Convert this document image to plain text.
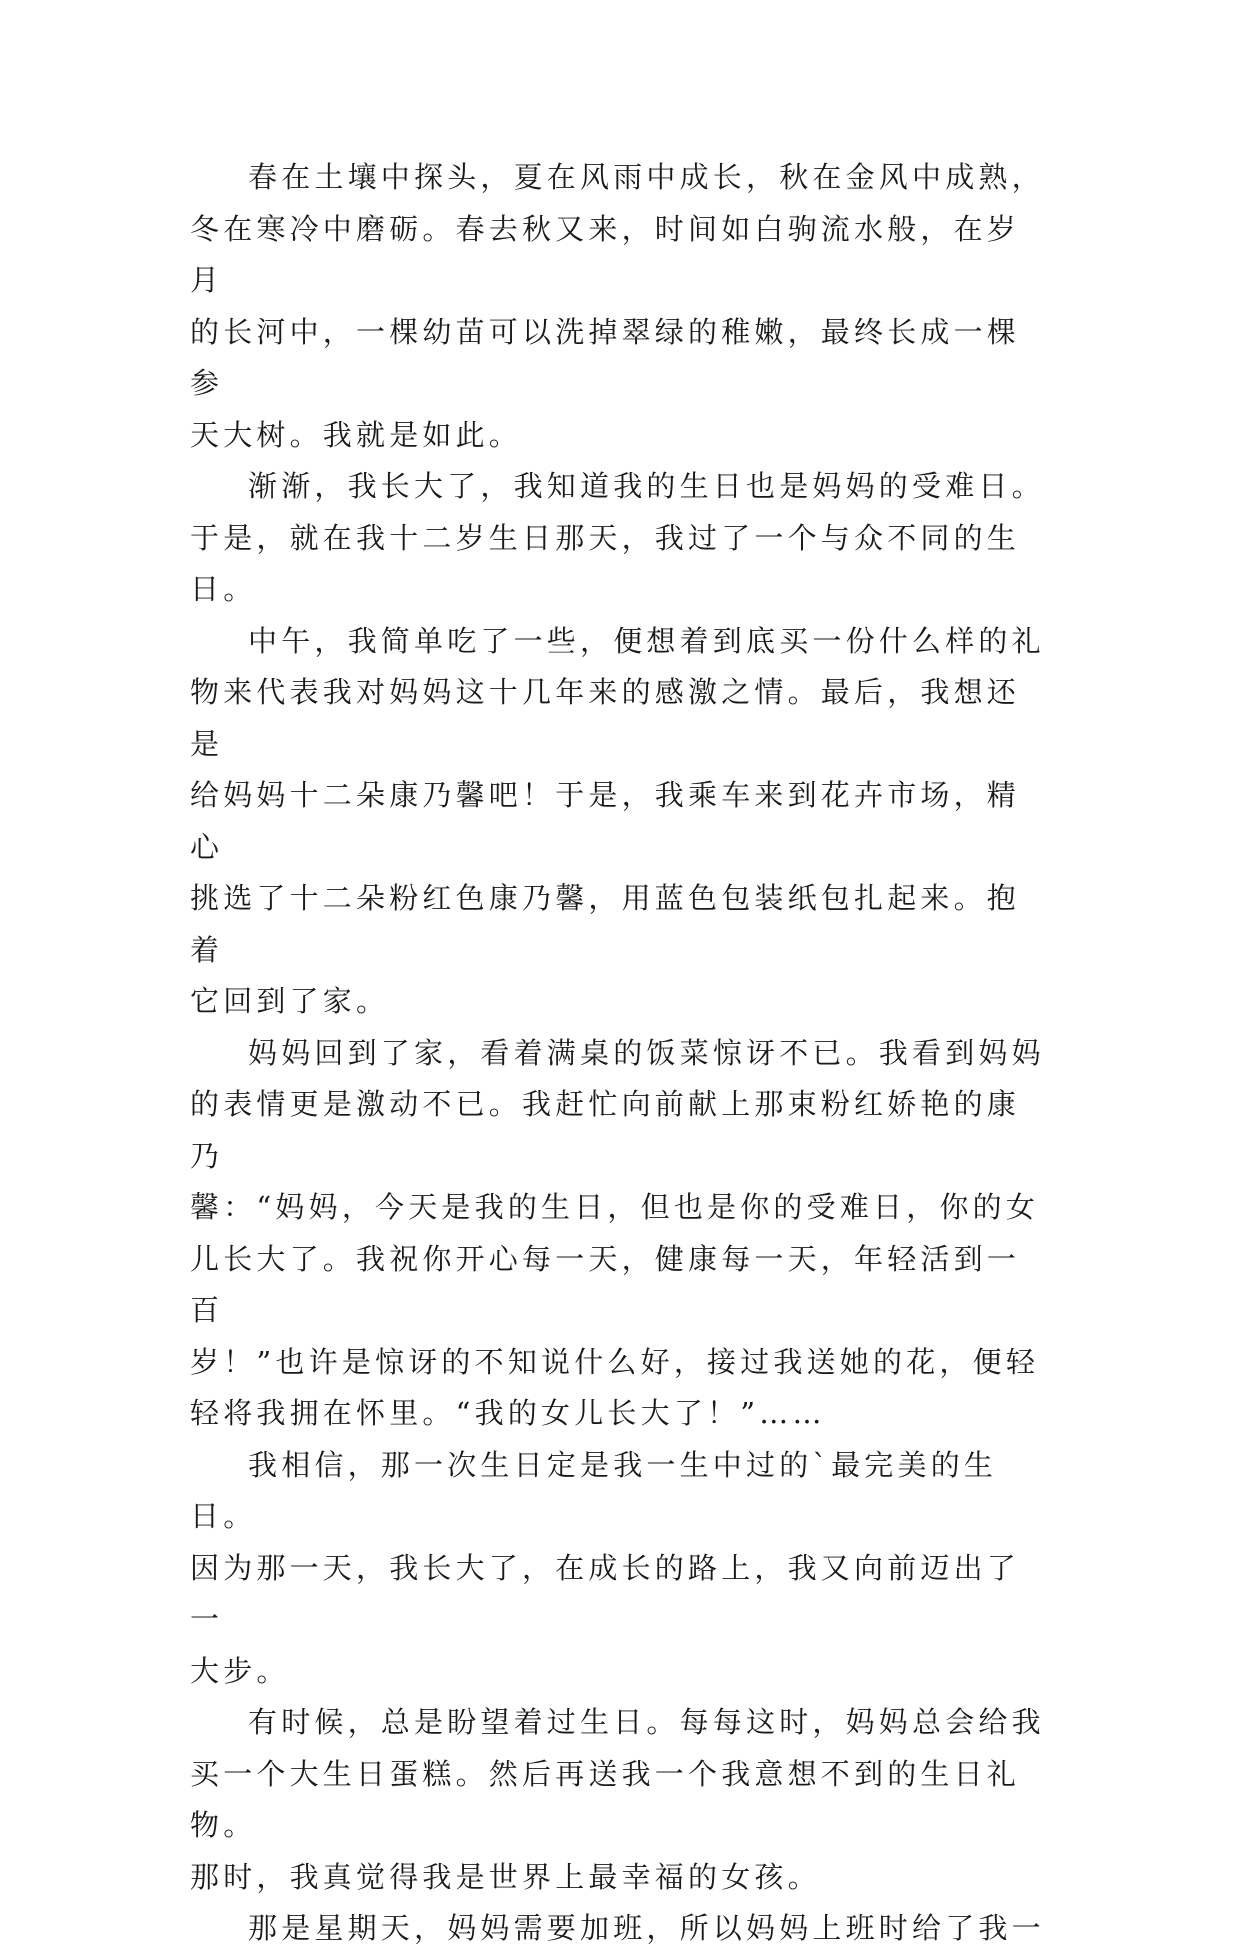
春在土壤中探头，夏在风雨中成长，秋在金风中成熟，
冬在寒冷中磨砺。春去秋又来，时间如白驹流水般，在岁月
的长河中，一棵幼苗可以洗掉翠绿的稚嫩，最终长成一棵参
天大树。我就是如此。

渐渐，我长大了，我知道我的生日也是妈妈的受难日。
于是，就在我十二岁生日那天，我过了一个与众不同的生日。

中午，我简单吃了一些，便想着到底买一份什么样的礼
物来代表我对妈妈这十几年来的感激之情。最后，我想还是
给妈妈十二朵康乃馨吧！于是，我乘车来到花卉市场，精心
挑选了十二朵粉红色康乃馨，用蓝色包装纸包扎起来。抱着
它回到了家。

妈妈回到了家，看着满桌的饭菜惊讶不已。我看到妈妈
的表情更是激动不已。我赶忙向前献上那束粉红娇艳的康乃
馨：“妈妈，今天是我的生日，但也是你的受难日，你的女
儿长大了。我祝你开心每一天，健康每一天，年轻活到一百
岁！”也许是惊讶的不知说什么好，接过我送她的花，便轻
轻将我拥在怀里。“我的女儿长大了！”……

我相信，那一次生日定是我一生中过的`最完美的生日。
因为那一天，我长大了，在成长的路上，我又向前迈出了一
大步。

有时候，总是盼望着过生日。每每这时，妈妈总会给我
买一个大生日蛋糕。然后再送我一个我意想不到的生日礼物。
那时，我真觉得我是世界上最幸福的女孩。

那是星期天，妈妈需要加班，所以妈妈上班时给了我一
